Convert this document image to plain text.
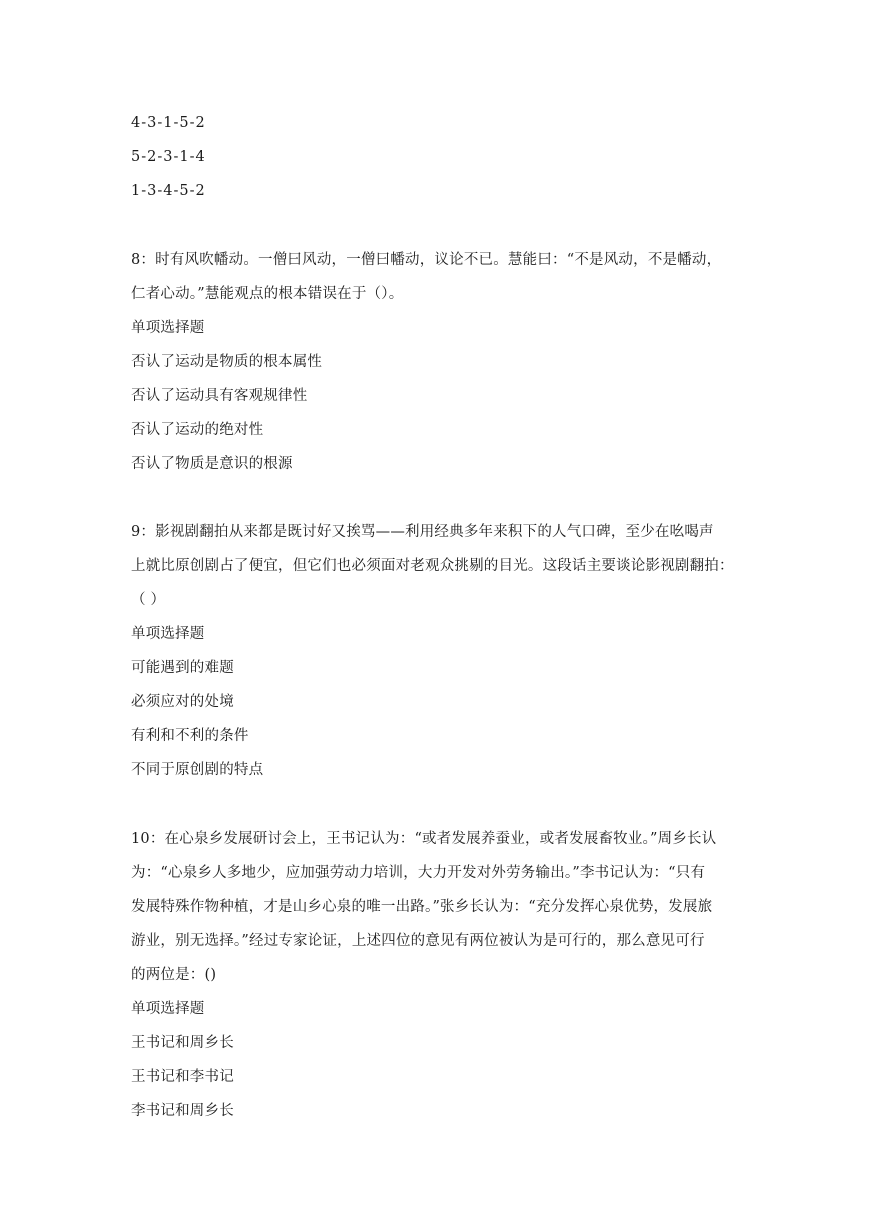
4-3-1-5-2
5-2-3-1-4
1-3-4-5-2
8：时有风吹幡动。一僧曰风动，一僧曰幡动，议论不已。慧能曰：“不是风动，不是幡动，
仁者心动。”慧能观点的根本错误在于（）。
单项选择题
否认了运动是物质的根本属性
否认了运动具有客观规律性
否认了运动的绝对性
否认了物质是意识的根源
9：影视剧翻拍从来都是既讨好又挨骂——利用经典多年来积下的人气口碑，至少在吆喝声
上就比原创剧占了便宜，但它们也必须面对老观众挑剔的目光。这段话主要谈论影视剧翻拍：
（ ）
单项选择题
可能遇到的难题
必须应对的处境
有利和不利的条件
不同于原创剧的特点
10：在心泉乡发展研讨会上，王书记认为：“或者发展养蚕业，或者发展畜牧业。”周乡长认
为：“心泉乡人多地少，应加强劳动力培训，大力开发对外劳务输出。”李书记认为：“只有
发展特殊作物种植，才是山乡心泉的唯一出路。”张乡长认为：“充分发挥心泉优势，发展旅
游业，别无选择。”经过专家论证，上述四位的意见有两位被认为是可行的，那么意见可行
的两位是：()
单项选择题
王书记和周乡长
王书记和李书记
李书记和周乡长
